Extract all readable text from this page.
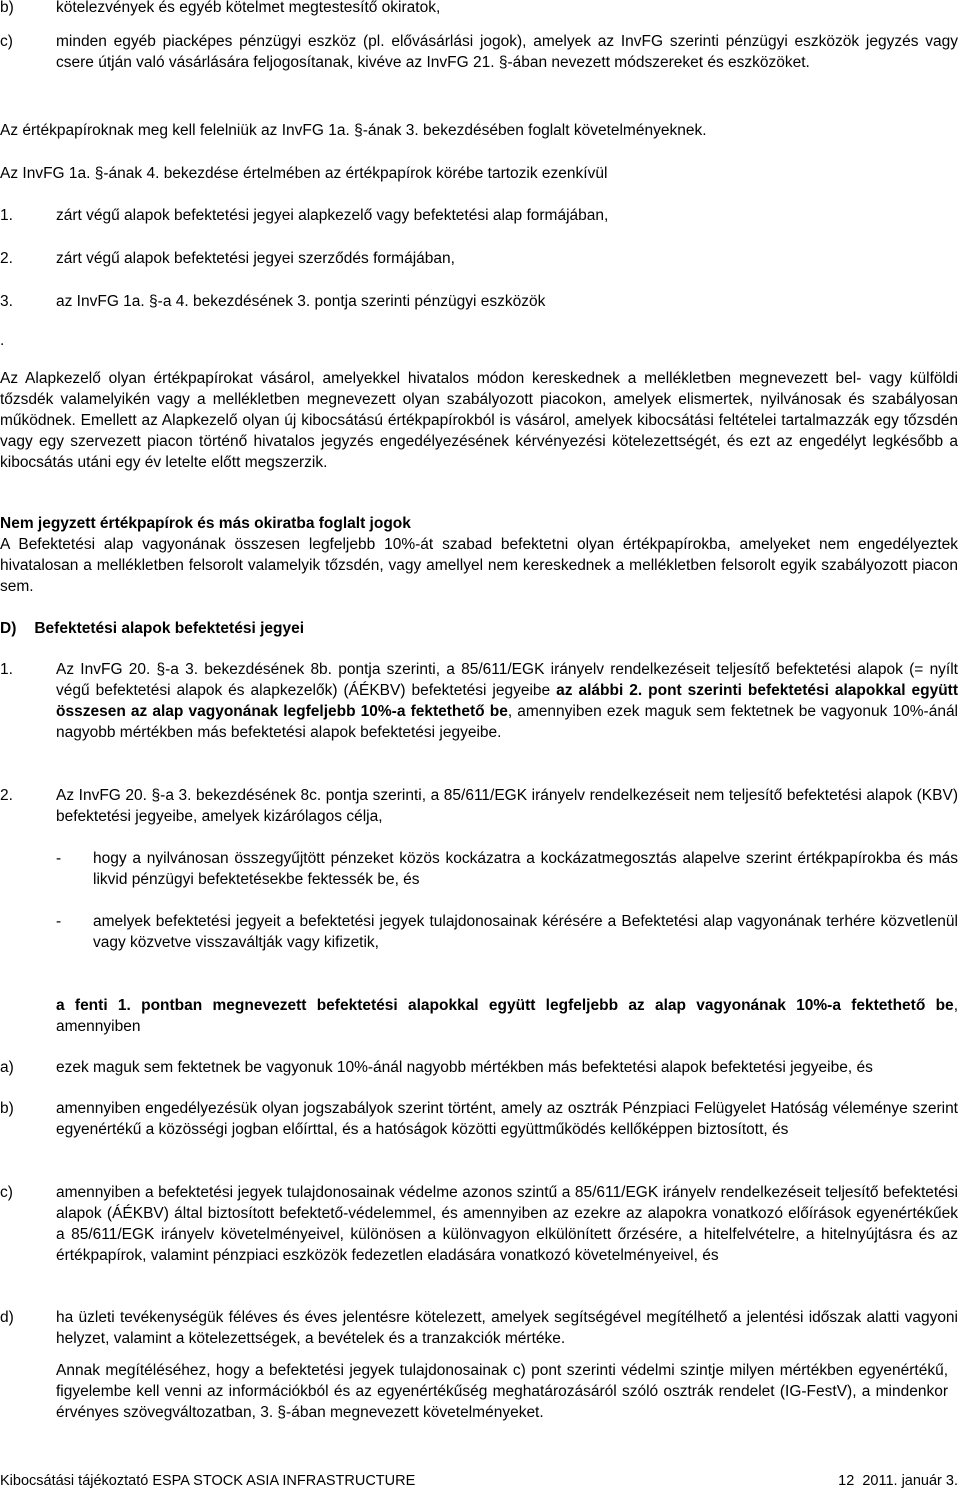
b)	kötelezvények és egyéb kötelmet megtestesítő okiratok,
c)	minden egyéb piacképes pénzügyi eszköz (pl. elővásárlási jogok), amelyek az InvFG szerinti pénzügyi eszközök jegyzés vagy csere útján való vásárlására feljogosítanak, kivéve az InvFG 21. §-ában nevezett módszereket és eszközöket.
Az értékpapíroknak meg kell felelniük az InvFG 1a. §-ának 3. bekezdésében foglalt követelményeknek.
Az InvFG 1a. §-ának 4. bekezdése értelmében az értékpapírok körébe tartozik ezenkívül
1.	zárt végű alapok befektetési jegyei alapkezelő vagy befektetési alap formájában,
2.	zárt végű alapok befektetési jegyei szerződés formájában,
3.	az InvFG 1a. §-a 4. bekezdésének 3. pontja szerinti pénzügyi eszközök
.
Az Alapkezelő olyan értékpapírokat vásárol, amelyekkel hivatalos módon kereskednek a mellékletben megnevezett bel- vagy külföldi tőzsdék valamelyikén vagy a mellékletben megnevezett olyan szabályozott piacokon, amelyek elismertek, nyilvánosak és szabályosan működnek. Emellett az Alapkezelő olyan új kibocsátású értékpapírokból is vásárol, amelyek kibocsátási feltételei tartalmazzák egy tőzsdén vagy egy szervezett piacon történő hivatalos jegyzés engedélyezésének kérvényezési kötelezettségét, és ezt az engedélyt legkésőbb a kibocsátás utáni egy év letelte előtt megszerzik.
Nem jegyzett értékpapírok és más okiratba foglalt jogok
A Befektetési alap vagyonának összesen legfeljebb 10%-át szabad befektetni olyan értékpapírokba, amelyeket nem engedélyeztek hivatalosan a mellékletben felsorolt valamelyik tőzsdén, vagy amellyel nem kereskednek a mellékletben felsorolt egyik szabályozott piacon sem.
D) Befektetési alapok befektetési jegyei
1.	Az InvFG 20. §-a 3. bekezdésének 8b. pontja szerinti, a 85/611/EGK irányelv rendelkezéseit teljesítő befektetési alapok (= nyílt végű befektetési alapok és alapkezelők) (ÁÉKBV) befektetési jegyeibe az alábbi 2. pont szerinti befektetési alapokkal együtt összesen az alap vagyonának legfeljebb 10%-a fektethető be, amennyiben ezek maguk sem fektetnek be vagyonuk 10%-ánál nagyobb mértékben más befektetési alapok befektetési jegyeibe.
2.	Az InvFG 20. §-a 3. bekezdésének 8c. pontja szerinti, a 85/611/EGK irányelv rendelkezéseit nem teljesítő befektetési alapok (KBV) befektetési jegyeibe, amelyek kizárólagos célja,
- hogy a nyilvánosan összegyűjtött pénzeket közös kockázatra a kockázatmegosztás alapelve szerint értékpapírokba és más likvid pénzügyi befektetésekbe fektessék be, és
- amelyek befektetési jegyeit a befektetési jegyek tulajdonosainak kérésére a Befektetési alap vagyonának terhére közvetlenül vagy közvetve visszaváltják vagy kifizetik,
a fenti 1. pontban megnevezett befektetési alapokkal együtt legfeljebb az alap vagyonának 10%-a fektethető be, amennyiben
a)	ezek maguk sem fektetnek be vagyonuk 10%-ánál nagyobb mértékben más befektetési alapok befektetési jegyeibe, és
b)	amennyiben engedélyezésük olyan jogszabályok szerint történt, amely az osztrák Pénzpiaci Felügyelet Hatóság véleménye szerint egyenértékű a közösségi jogban előírttal, és a hatóságok közötti együttműködés kellőképpen biztosított, és
c)	amennyiben a befektetési jegyek tulajdonosainak védelme azonos szintű a 85/611/EGK irányelv rendelkezéseit teljesítő befektetési alapok (ÁÉKBV) által biztosított befektető-védelemmel, és amennyiben az ezekre az alapokra vonatkozó előírások egyenértékűek a 85/611/EGK irányelv követelményeivel, különösen a különvagyon elkülönített őrzésére, a hitelfelvételre, a hitelnyújtásra és az értékpapírok, valamint pénzpiaci eszközök fedezetlen eladására vonatkozó követelményeivel, és
d)	ha üzleti tevékenységük féléves és éves jelentésre kötelezett, amelyek segítségével megítélhető a jelentési időszak alatti vagyoni helyzet, valamint a kötelezettségek, a bevételek és a tranzakciók mértéke.
Annak megítéléséhez, hogy a befektetési jegyek tulajdonosainak c) pont szerinti védelmi szintje milyen mértékben egyenértékű, figyelembe kell venni az információkból és az egyenértékűség meghatározásáról szóló osztrák rendelet (IG-FestV), a mindenkor érvényes szövegváltozatban, 3. §-ában megnevezett követelményeket.
Kibocsátási tájékoztató ESPA STOCK ASIA INFRASTRUCTURE	12  2011. január 3.
